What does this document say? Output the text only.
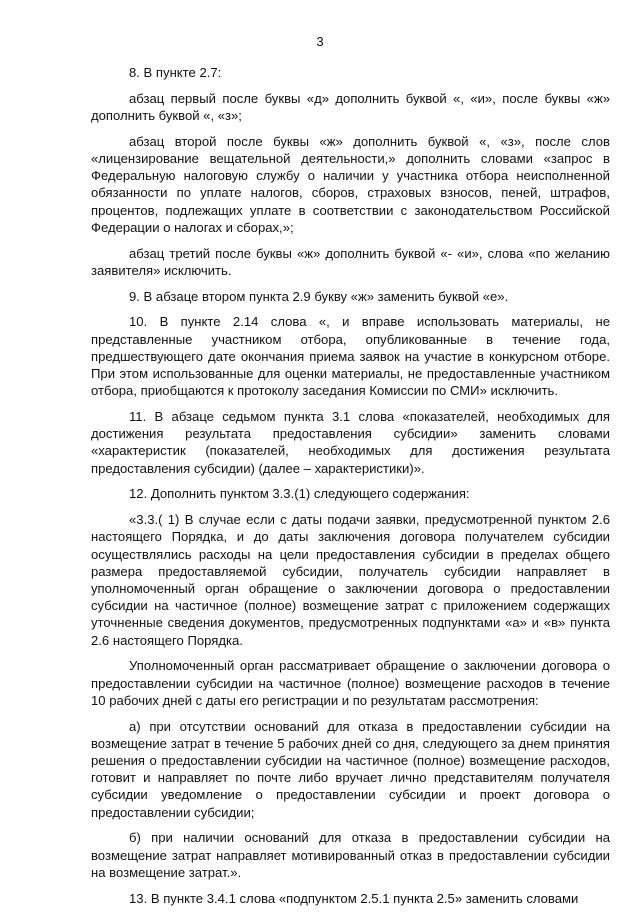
3

8. В пункте 2.7:

абзац первый после буквы «д» дополнить буквой «, «и», после буквы «ж» дополнить буквой «, «з»;

абзац второй после буквы «ж» дополнить буквой «, «з», после слов «лицензирование вещательной деятельности,» дополнить словами «запрос в Федеральную налоговую службу о наличии у участника отбора неисполненной обязанности по уплате налогов, сборов, страховых взносов, пеней, штрафов, процентов, подлежащих уплате в соответствии с законодательством Российской Федерации о налогах и сборах,»;

абзац третий после буквы «ж» дополнить буквой «- «и», слова «по желанию заявителя» исключить.

9. В абзаце втором пункта 2.9 букву «ж» заменить буквой «е».

10. В пункте 2.14 слова «, и вправе использовать материалы, не представленные участником отбора, опубликованные в течение года, предшествующего дате окончания приема заявок на участие в конкурсном отборе. При этом использованные для оценки материалы, не предоставленные участником отбора, приобщаются к протоколу заседания Комиссии по СМИ» исключить.

11. В абзаце седьмом пункта 3.1 слова «показателей, необходимых для достижения результата предоставления субсидии» заменить словами «характеристик (показателей, необходимых для достижения результата предоставления субсидии) (далее – характеристики)».

12. Дополнить пунктом 3.3.(1) следующего содержания:

«3.3.( 1) В случае если с даты подачи заявки, предусмотренной пунктом 2.6 настоящего Порядка, и до даты заключения договора получателем субсидии осуществлялись расходы на цели предоставления субсидии в пределах общего размера предоставляемой субсидии, получатель субсидии направляет в уполномоченный орган обращение о заключении договора о предоставлении субсидии на частичное (полное) возмещение затрат с приложением содержащих уточненные сведения документов, предусмотренных подпунктами «а» и «в» пункта 2.6 настоящего Порядка.

Уполномоченный орган рассматривает обращение о заключении договора о предоставлении субсидии на частичное (полное) возмещение расходов в течение 10 рабочих дней с даты его регистрации и по результатам рассмотрения:

а) при отсутствии оснований для отказа в предоставлении субсидии на возмещение затрат в течение 5 рабочих дней со дня, следующего за днем принятия решения о предоставлении субсидии на частичное (полное) возмещение расходов, готовит и направляет по почте либо вручает лично представителям получателя субсидии уведомление о предоставлении субсидии и проект договора о предоставлении субсидии;

б) при наличии оснований для отказа в предоставлении субсидии на возмещение затрат направляет мотивированный отказ в предоставлении субсидии на возмещение затрат.».

13. В пункте 3.4.1 слова «подпунктом 2.5.1 пункта 2.5» заменить словами
